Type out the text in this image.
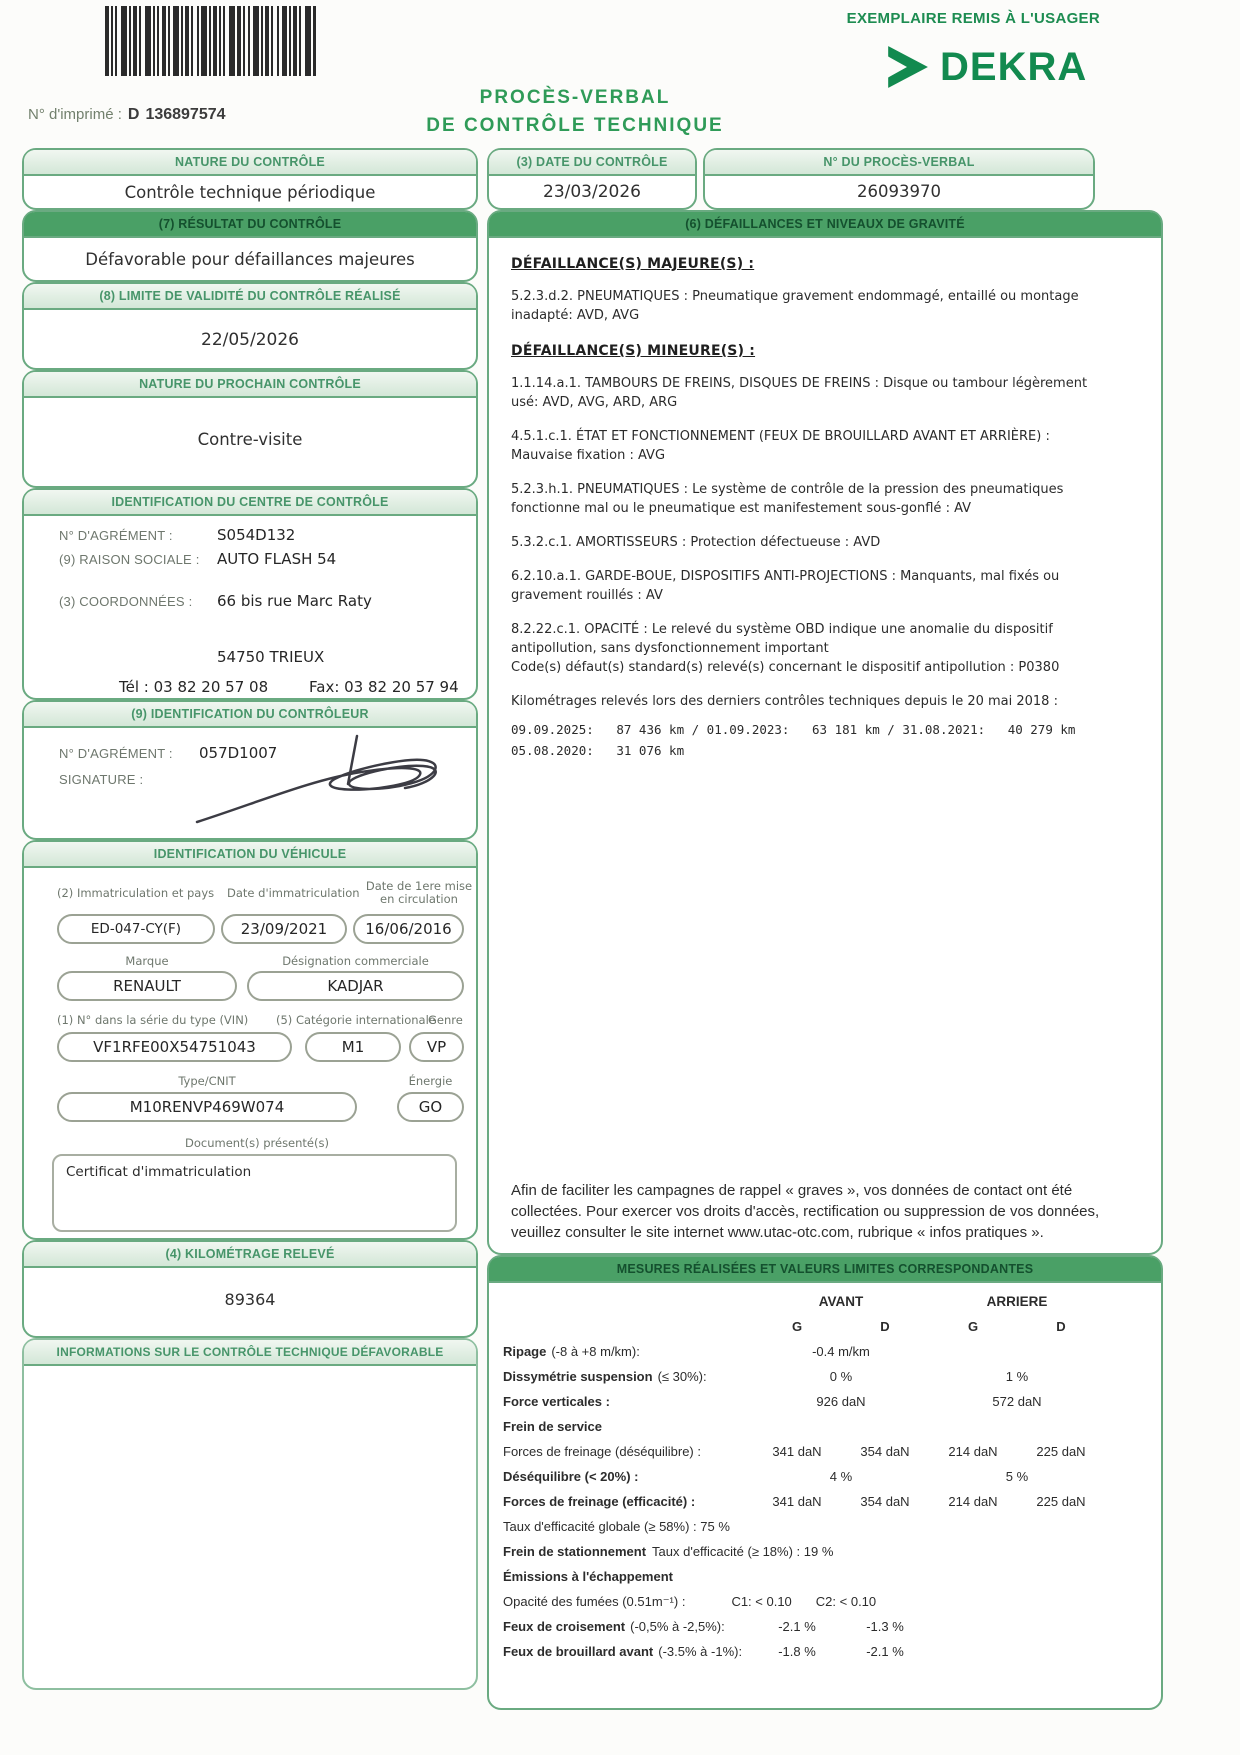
EXEMPLAIRE REMIS À L'USAGER
DEKRA
N° d'imprimé : D 136897574
PROCÈS-VERBAL
DE CONTRÔLE TECHNIQUE
NATURE DU CONTRÔLE
Contrôle technique périodique
(3) DATE DU CONTRÔLE
23/03/2026
N° DU PROCÈS-VERBAL
26093970
(7) RÉSULTAT DU CONTRÔLE
Défavorable pour défaillances majeures
(8) LIMITE DE VALIDITÉ DU CONTRÔLE RÉALISÉ
22/05/2026
NATURE DU PROCHAIN CONTRÔLE
Contre-visite
IDENTIFICATION DU CENTRE DE CONTRÔLE
N° D'AGRÉMENT :	S054D132
(9) RAISON SOCIALE : AUTO FLASH 54
(3) COORDONNÉES : 66 bis rue Marc Raty
54750 TRIEUX
Tél : 03 82 20 57 08	Fax: 03 82 20 57 94
(9) IDENTIFICATION DU CONTRÔLEUR
N° D'AGRÉMENT : 057D1007
SIGNATURE :
IDENTIFICATION DU VÉHICULE
(2) Immatriculation et pays Date d'immatriculation Date de 1ere mise
en circulation
ED-047-CY(F)	23/09/2021	16/06/2016
Marque	Désignation commerciale
RENAULT	KADJAR
(1) N° dans la série du type (VIN) (5) Catégorie internationale
Genre
VF1RFE00X54751043	M1	VP
Type/CNIT	Énergie
M10RENVP469W074	GO
Document(s) présenté(s)
Certificat d'immatriculation
(4) KILOMÉTRAGE RELEVÉ
89364
INFORMATIONS SUR LE CONTRÔLE TECHNIQUE DÉFAVORABLE
(6) DÉFAILLANCES ET NIVEAUX DE GRAVITÉ
DÉFAILLANCE(S) MAJEURE(S) :

5.2.3.d.2. PNEUMATIQUES : Pneumatique gravement endommagé, entaillé ou montage inadapté: AVD, AVG

DÉFAILLANCE(S) MINEURE(S) :

1.1.14.a.1. TAMBOURS DE FREINS, DISQUES DE FREINS : Disque ou tambour légèrement usé: AVD, AVG, ARD, ARG

4.5.1.c.1. ÉTAT ET FONCTIONNEMENT (FEUX DE BROUILLARD AVANT ET ARRIÈRE) : Mauvaise fixation : AVG

5.2.3.h.1. PNEUMATIQUES : Le système de contrôle de la pression des pneumatiques fonctionne mal ou le pneumatique est manifestement sous-gonflé : AV

5.3.2.c.1. AMORTISSEURS : Protection défectueuse : AVD

6.2.10.a.1. GARDE-BOUE, DISPOSITIFS ANTI-PROJECTIONS : Manquants, mal fixés ou gravement rouillés : AV

8.2.22.c.1. OPACITÉ : Le relevé du système OBD indique une anomalie du dispositif antipollution, sans dysfonctionnement important

Code(s) défaut(s) standard(s) relevé(s) concernant le dispositif antipollution : P0380

Kilométrages relevés lors des derniers contrôles techniques depuis le 20 mai 2018 :

09.09.2025:   87 436 km / 01.09.2023:   63 181 km / 31.08.2021:   40 279 km
05.08.2020:   31 076 km
Afin de faciliter les campagnes de rappel « graves », vos données de contact ont été collectées. Pour exercer vos droits d'accès, rectification ou suppression de vos données, veuillez consulter le site internet www.utac-otc.com, rubrique « infos pratiques ».
MESURES RÉALISÉES ET VALEURS LIMITES CORRESPONDANTES
AVANT	ARRIERE
G	D	G	D
Ripage (-8 à +8 m/km):	-0.4 m/km
Dissymétrie suspension (≤ 30%):	0 %	1 %
Force verticales :	926 daN	572 daN
Frein de service
Forces de freinage (déséquilibre) :	341 daN	354 daN	214 daN	225 daN
Déséquilibre (< 20%) :	4 %	5 %
Forces de freinage (efficacité) :	341 daN	354 daN	214 daN	225 daN
Taux d'efficacité globale (≥ 58%) : 75 %
Frein de stationnement Taux d'efficacité (≥ 18%) : 19 %
Émissions à l'échappement
Opacité des fumées (0.51m⁻¹) :	C1: < 0.10 C2: < 0.10
Feux de croisement (-0,5% à -2,5%):	-2.1 %	-1.3 %
Feux de brouillard avant (-3.5% à -1%):	-1.8 %	-2.1 %
